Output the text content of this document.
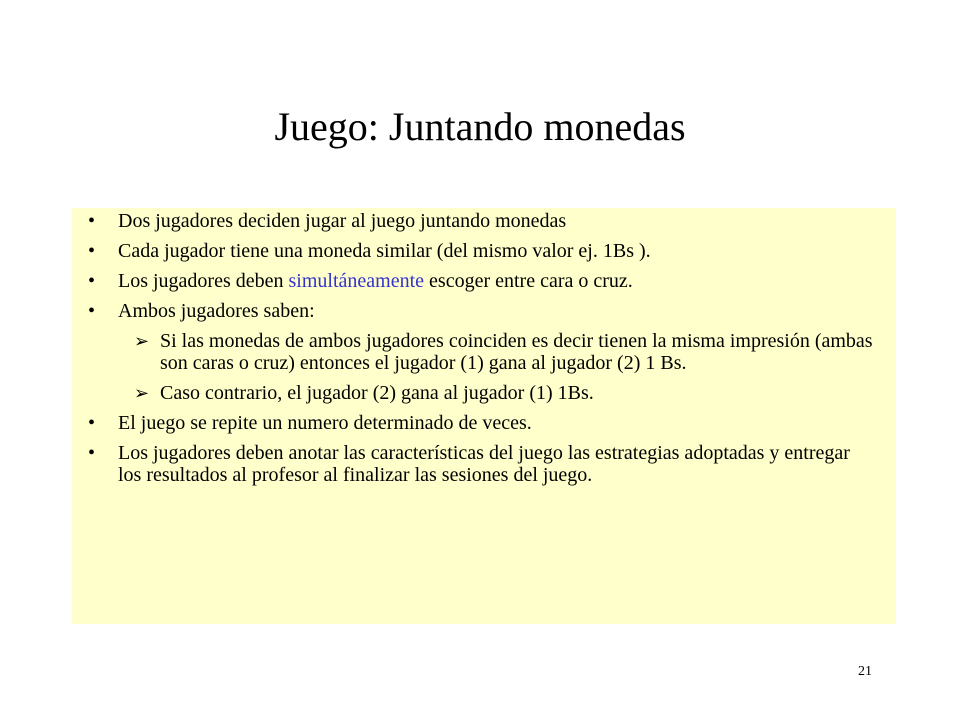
Juego: Juntando monedas
• Dos jugadores deciden jugar al juego juntando monedas
• Cada jugador tiene una moneda similar (del mismo valor ej. 1Bs ).
• Los jugadores deben simultáneamente escoger entre cara o cruz.
• Ambos jugadores saben:
➢ Si las monedas de ambos jugadores coinciden es decir tienen la misma impresión (ambas son caras o cruz) entonces el jugador (1) gana al jugador (2) 1 Bs.
➢ Caso contrario, el jugador (2) gana al jugador (1) 1Bs.
• El juego se repite un numero determinado de veces.
• Los jugadores deben anotar las características del juego las estrategias adoptadas y entregar los resultados al profesor al finalizar las sesiones del juego.
21
